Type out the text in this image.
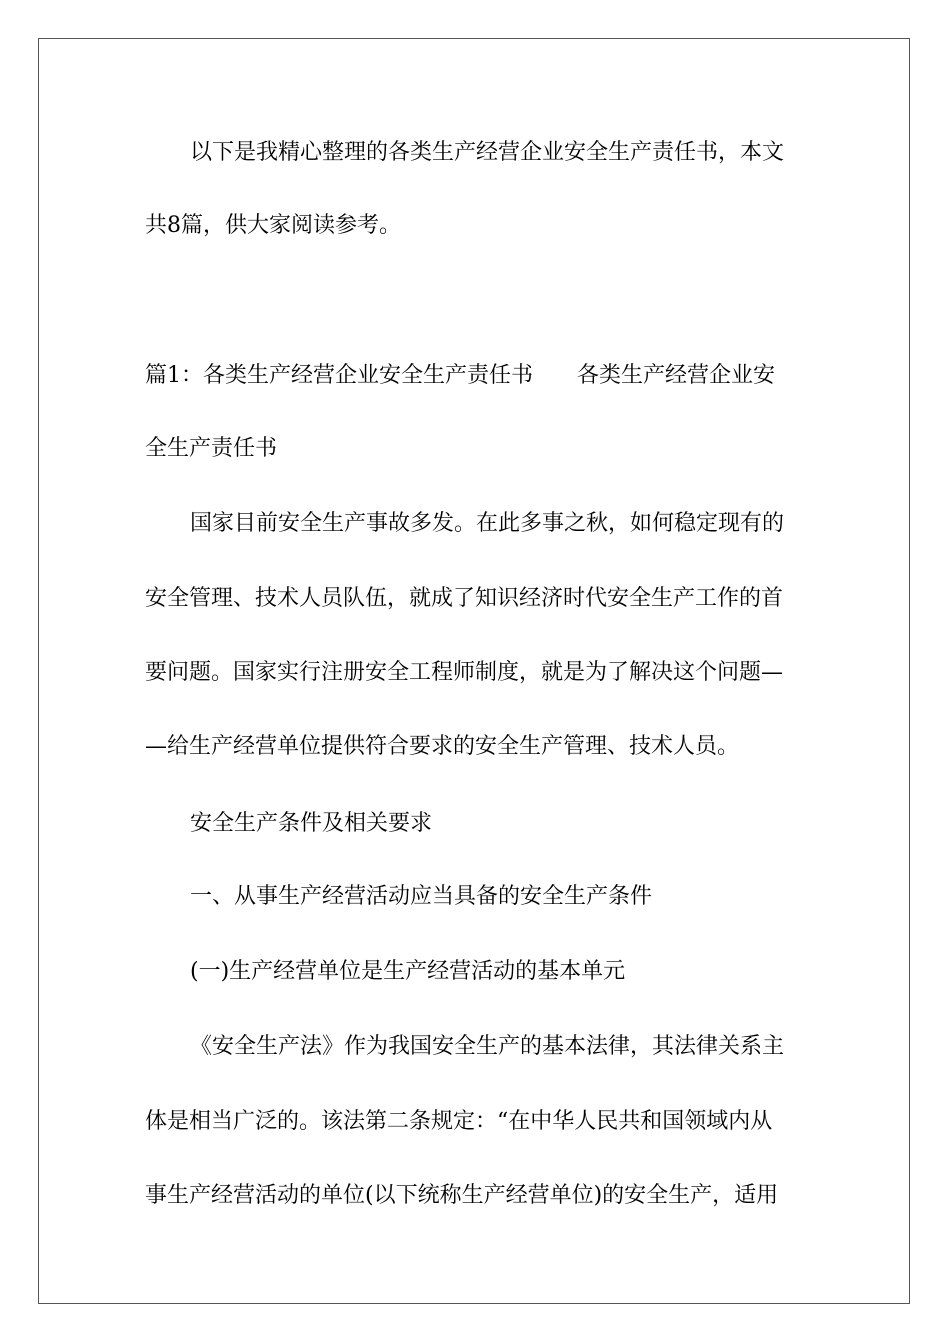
以下是我精心整理的各类生产经营企业安全生产责任书，本文
共8篇，供大家阅读参考。
篇1：各类生产经营企业安全生产责任书　　各类生产经营企业安
全生产责任书
国家目前安全生产事故多发。在此多事之秋，如何稳定现有的
安全管理、技术人员队伍，就成了知识经济时代安全生产工作的首
要问题。国家实行注册安全工程师制度，就是为了解决这个问题—
—给生产经营单位提供符合要求的安全生产管理、技术人员。
安全生产条件及相关要求
一、从事生产经营活动应当具备的安全生产条件
(一)生产经营单位是生产经营活动的基本单元
《安全生产法》作为我国安全生产的基本法律，其法律关系主
体是相当广泛的。该法第二条规定：“在中华人民共和国领域内从
事生产经营活动的单位(以下统称生产经营单位)的安全生产，适用
